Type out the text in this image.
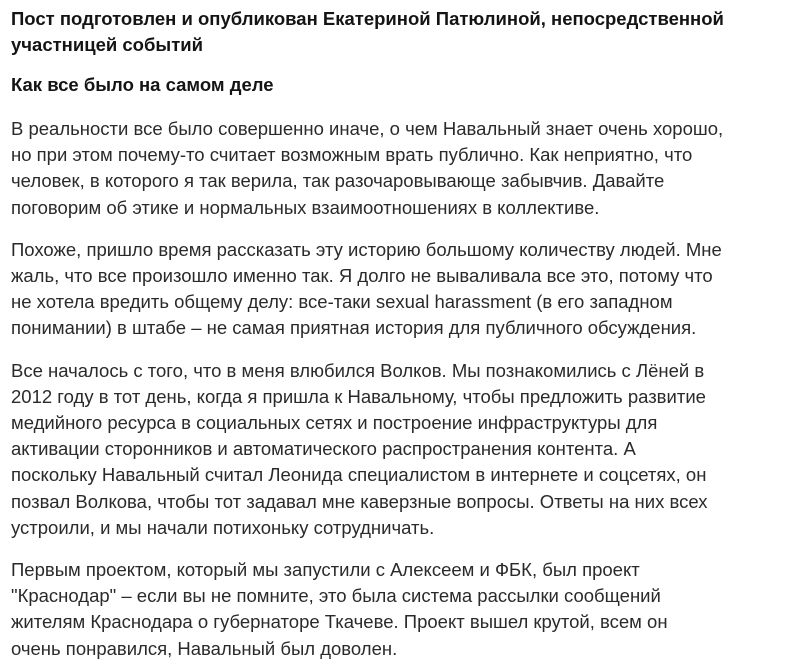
Пост подготовлен и опубликован Екатериной Патюлиной, непосредственной
участницей событий
Как все было на самом деле

В реальности все было совершенно иначе, о чем Навальный знает очень хорошо,
но при этом почему-то считает возможным врать публично. Как неприятно, что
человек, в которого я так верила, так разочаровывающе забывчив. Давайте
поговорим об этике и нормальных взаимоотношениях в коллективе.

Похоже, пришло время рассказать эту историю большому количеству людей. Мне
жаль, что все произошло именно так. Я долго не вываливала все это, потому что
не хотела вредить общему делу: все-таки sexual harassment (в его западном
понимании) в штабе – не самая приятная история для публичного обсуждения.

Все началось с того, что в меня влюбился Волков. Мы познакомились с Лёней в
2012 году в тот день, когда я пришла к Навальному, чтобы предложить развитие
медийного ресурса в социальных сетях и построение инфраструктуры для
активации сторонников и автоматического распространения контента. А
поскольку Навальный считал Леонида специалистом в интернете и соцсетях, он
позвал Волкова, чтобы тот задавал мне каверзные вопросы. Ответы на них всех
устроили, и мы начали потихоньку сотрудничать.

Первым проектом, который мы запустили с Алексеем и ФБК, был проект
"Краснодар" – если вы не помните, это была система рассылки сообщений
жителям Краснодара о губернаторе Ткачеве. Проект вышел крутой, всем он
очень понравился, Навальный был доволен.
